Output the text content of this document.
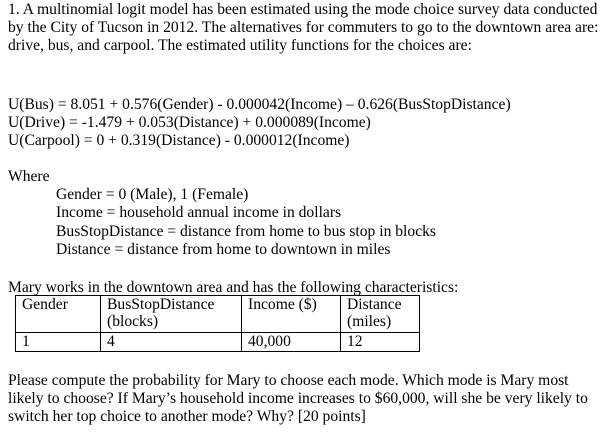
1. A multinomial logit model has been estimated using the mode choice survey data conducted by the City of Tucson in 2012. The alternatives for commuters to go to the downtown area are: drive, bus, and carpool. The estimated utility functions for the choices are:
U(Bus) = 8.051 + 0.576(Gender) - 0.000042(Income) – 0.626(BusStopDistance)
U(Drive) = -1.479 + 0.053(Distance) + 0.000089(Income)
U(Carpool) = 0 + 0.319(Distance) - 0.000012(Income)
Where
Gender = 0 (Male), 1 (Female)
Income = household annual income in dollars
BusStopDistance = distance from home to bus stop in blocks
Distance = distance from home to downtown in miles
Mary works in the downtown area and has the following characteristics:
Gender	BusStopDistance (blocks)	Income ($)	Distance (miles)
1	4	40,000	12
Please compute the probability for Mary to choose each mode. Which mode is Mary most likely to choose? If Mary’s household income increases to $60,000, will she be very likely to switch her top choice to another mode? Why? [20 points]
